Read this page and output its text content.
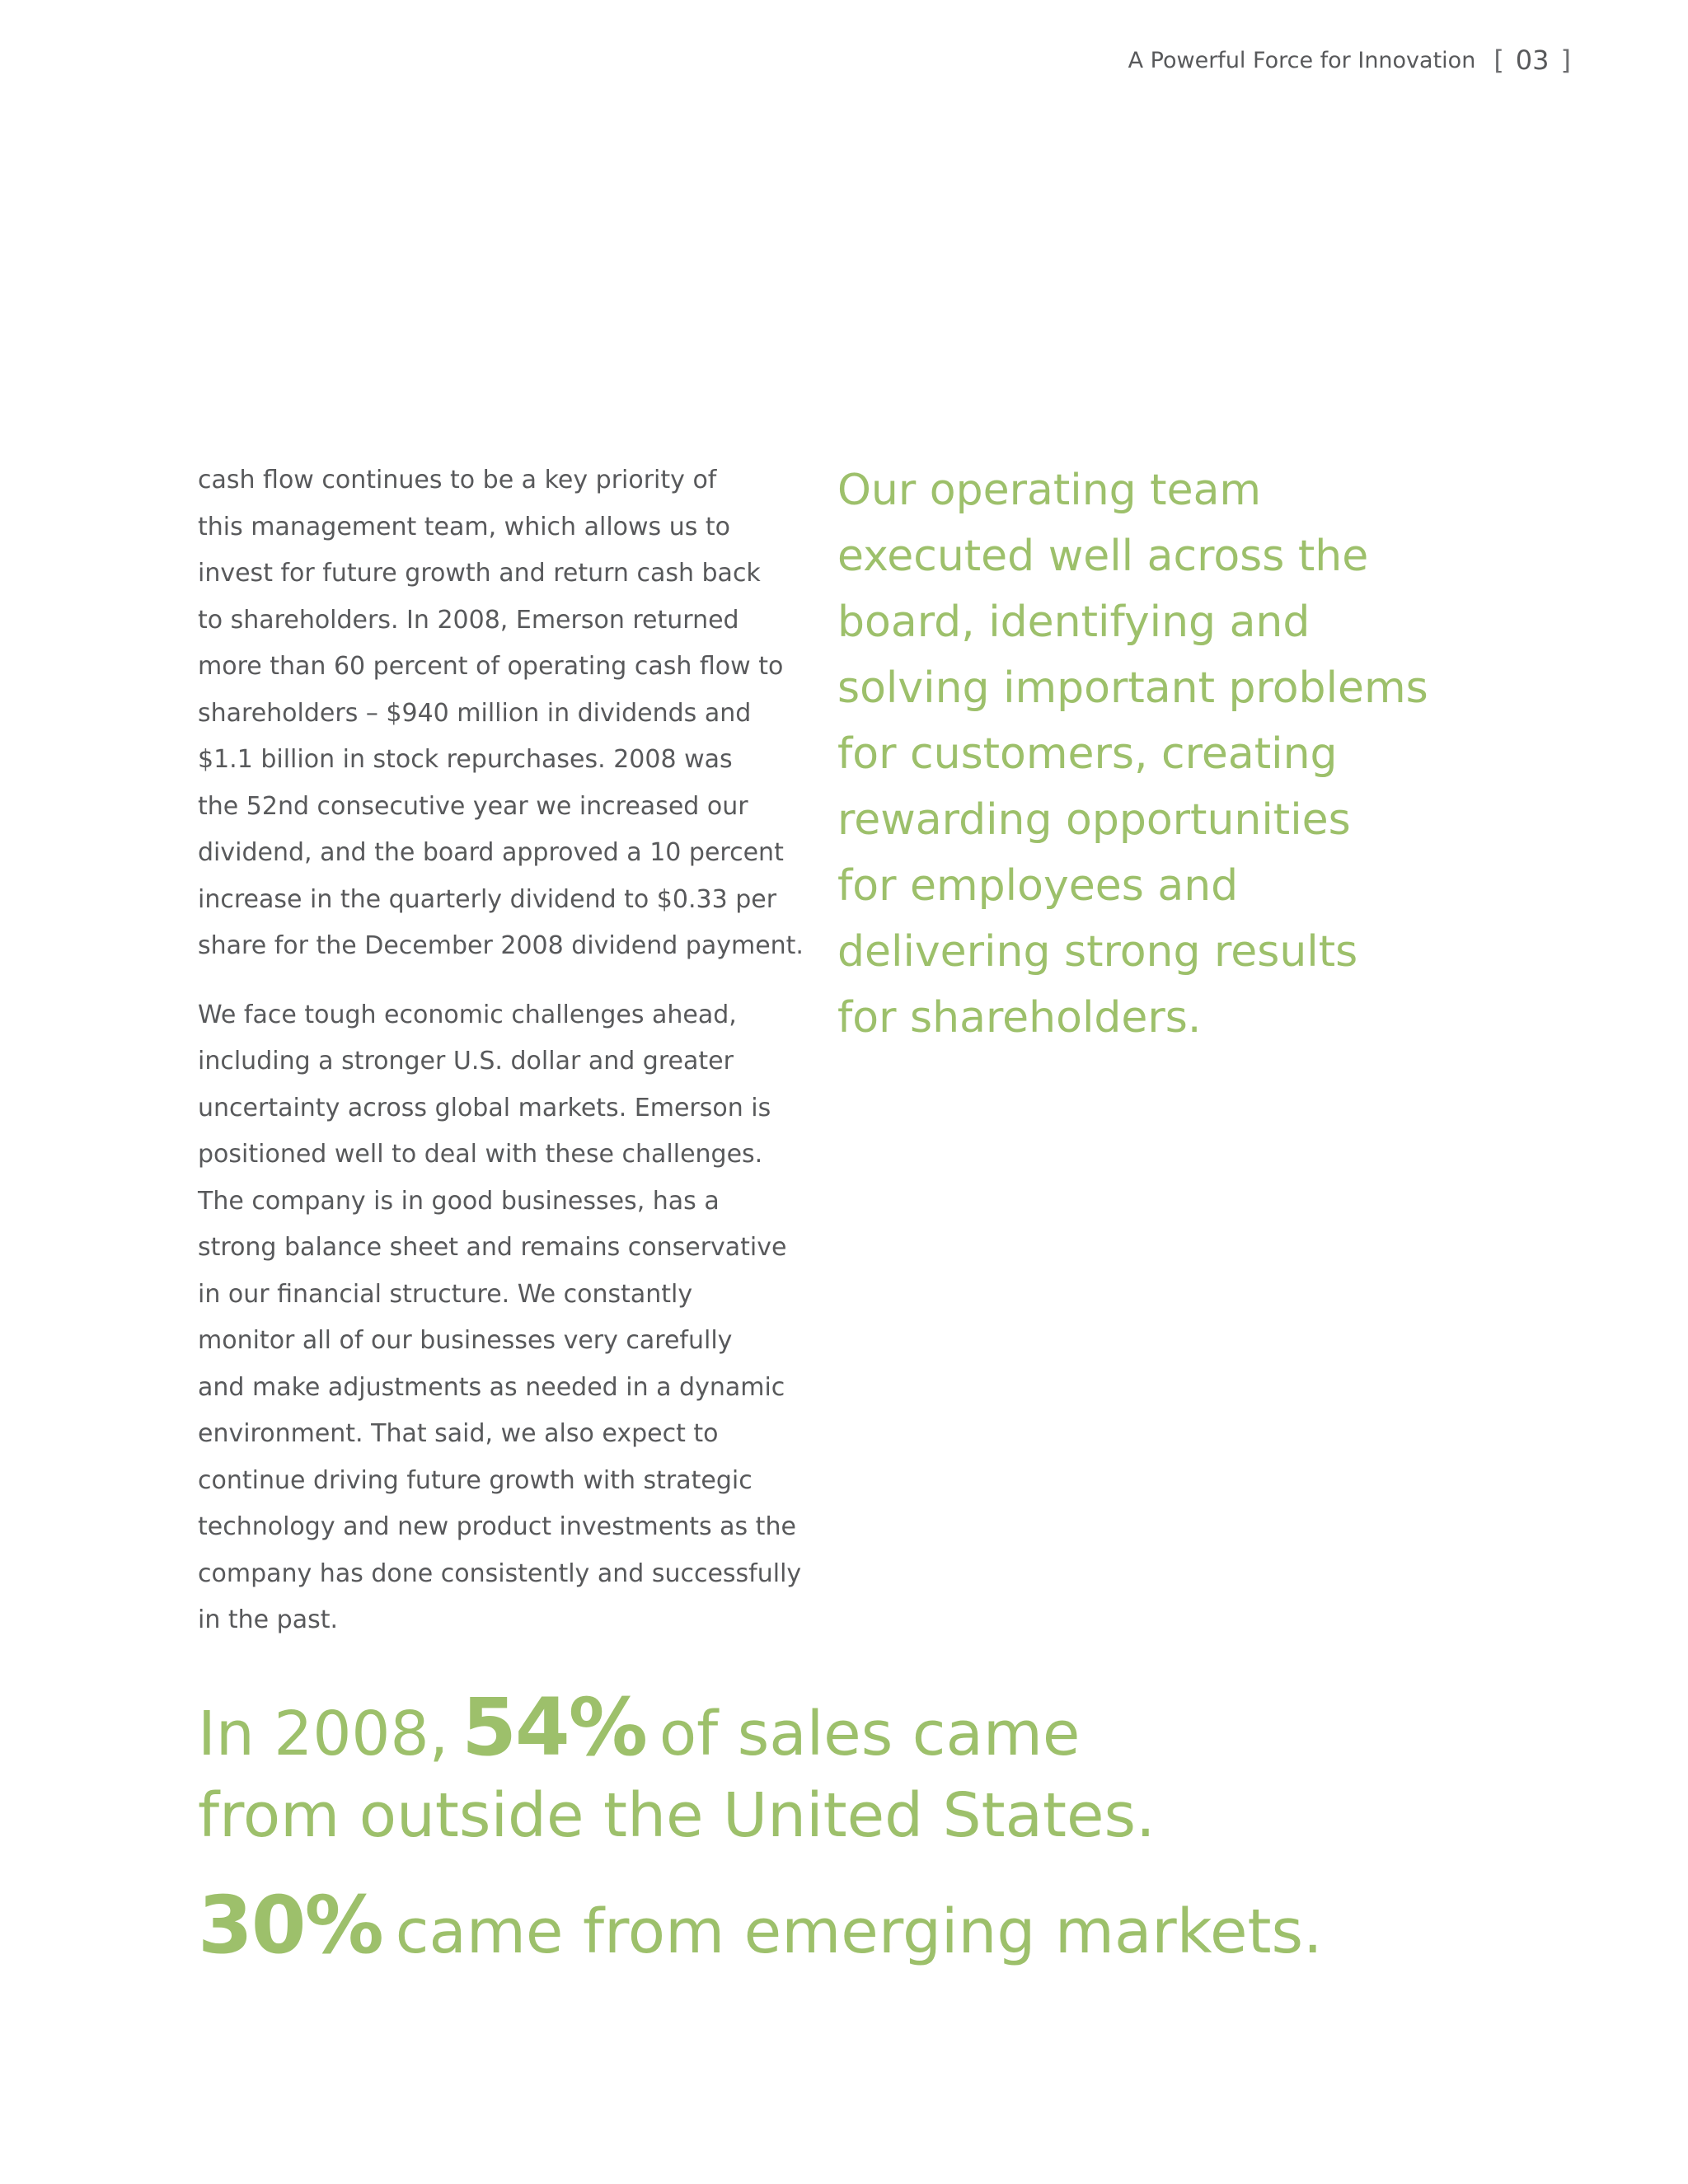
A Powerful Force for Innovation [ 03 ]

cash flow continues to be a key priority of
this management team, which allows us to
invest for future growth and return cash back
to shareholders. In 2008, Emerson returned
more than 60 percent of operating cash flow to
shareholders – $940 million in dividends and
$1.1 billion in stock repurchases. 2008 was
the 52nd consecutive year we increased our
dividend, and the board approved a 10 percent
increase in the quarterly dividend to $0.33 per
share for the December 2008 dividend payment.

We face tough economic challenges ahead,
including a stronger U.S. dollar and greater
uncertainty across global markets. Emerson is
positioned well to deal with these challenges.
The company is in good businesses, has a
strong balance sheet and remains conservative
in our financial structure. We constantly
monitor all of our businesses very carefully
and make adjustments as needed in a dynamic
environment. That said, we also expect to
continue driving future growth with strategic
technology and new product investments as the
company has done consistently and successfully
in the past.

Our operating team
executed well across the
board, identifying and
solving important problems
for customers, creating
rewarding opportunities
for employees and
delivering strong results
for shareholders.
In 2008, 54% of sales came
from outside the United States.
30% came from emerging markets.
